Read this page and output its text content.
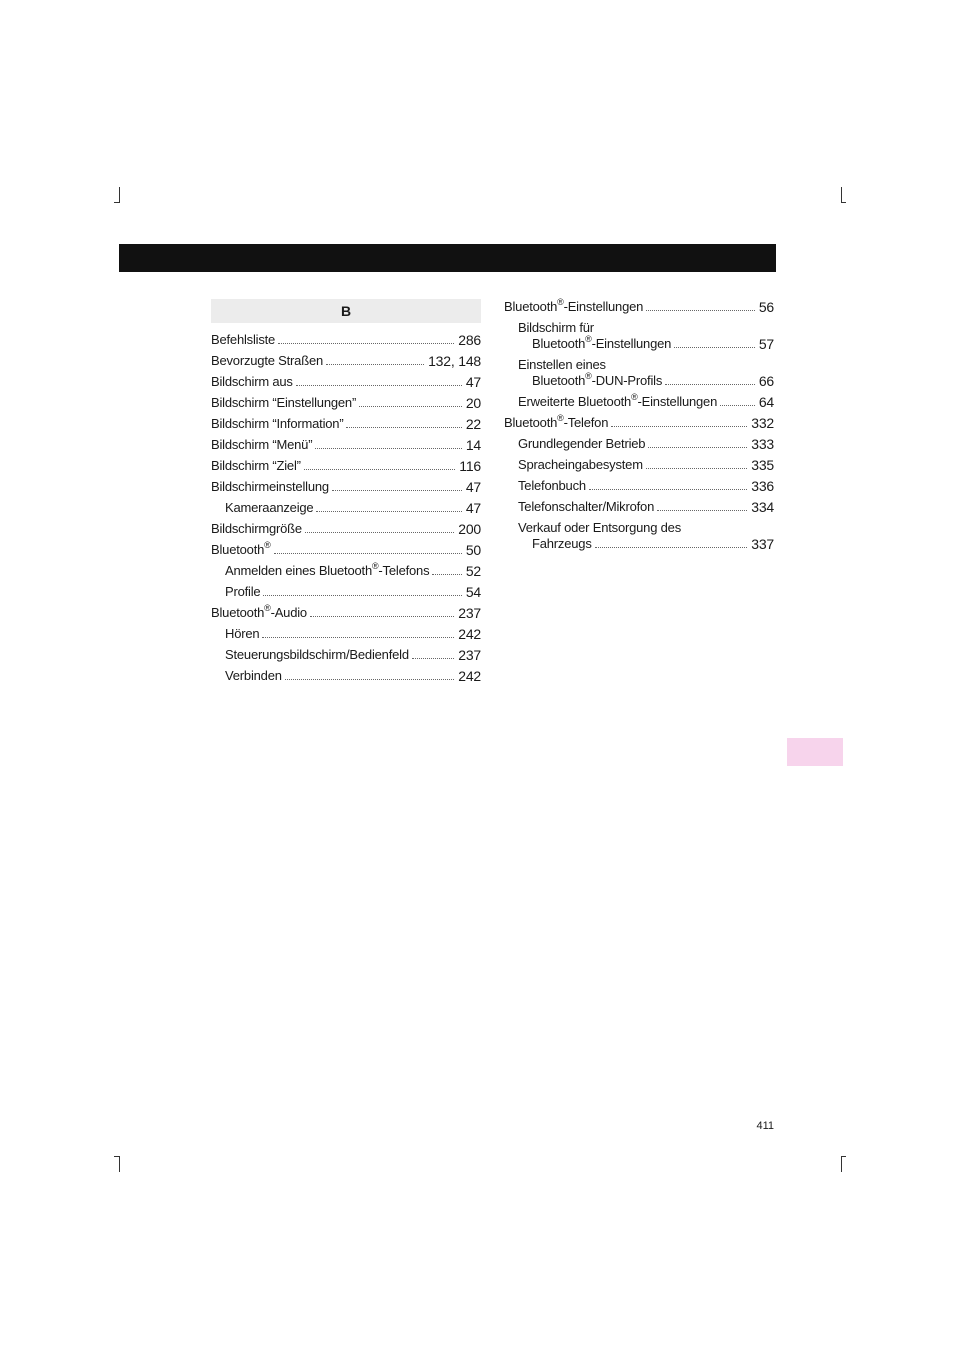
B
Befehlsliste	286
Bevorzugte Straßen	132, 148
Bildschirm aus	47
Bildschirm “Einstellungen”	20
Bildschirm “Information”	22
Bildschirm “Menü”	14
Bildschirm “Ziel”	116
Bildschirmeinstellung	47
Kameraanzeige	47
Bildschirmgröße	200
Bluetooth®	50
Anmelden eines Bluetooth®-Telefons	52
Profile	54
Bluetooth®-Audio	237
Hören	242
Steuerungsbildschirm/Bedienfeld	237
Verbinden	242
Bluetooth®-Einstellungen	56
Bildschirm für
Bluetooth®-Einstellungen	57
Einstellen eines
Bluetooth®-DUN-Profils	66
Erweiterte Bluetooth®-Einstellungen	64
Bluetooth®-Telefon	332
Grundlegender Betrieb	333
Spracheingabesystem	335
Telefonbuch	336
Telefonschalter/Mikrofon	334
Verkauf oder Entsorgung des
Fahrzeugs	337
411
